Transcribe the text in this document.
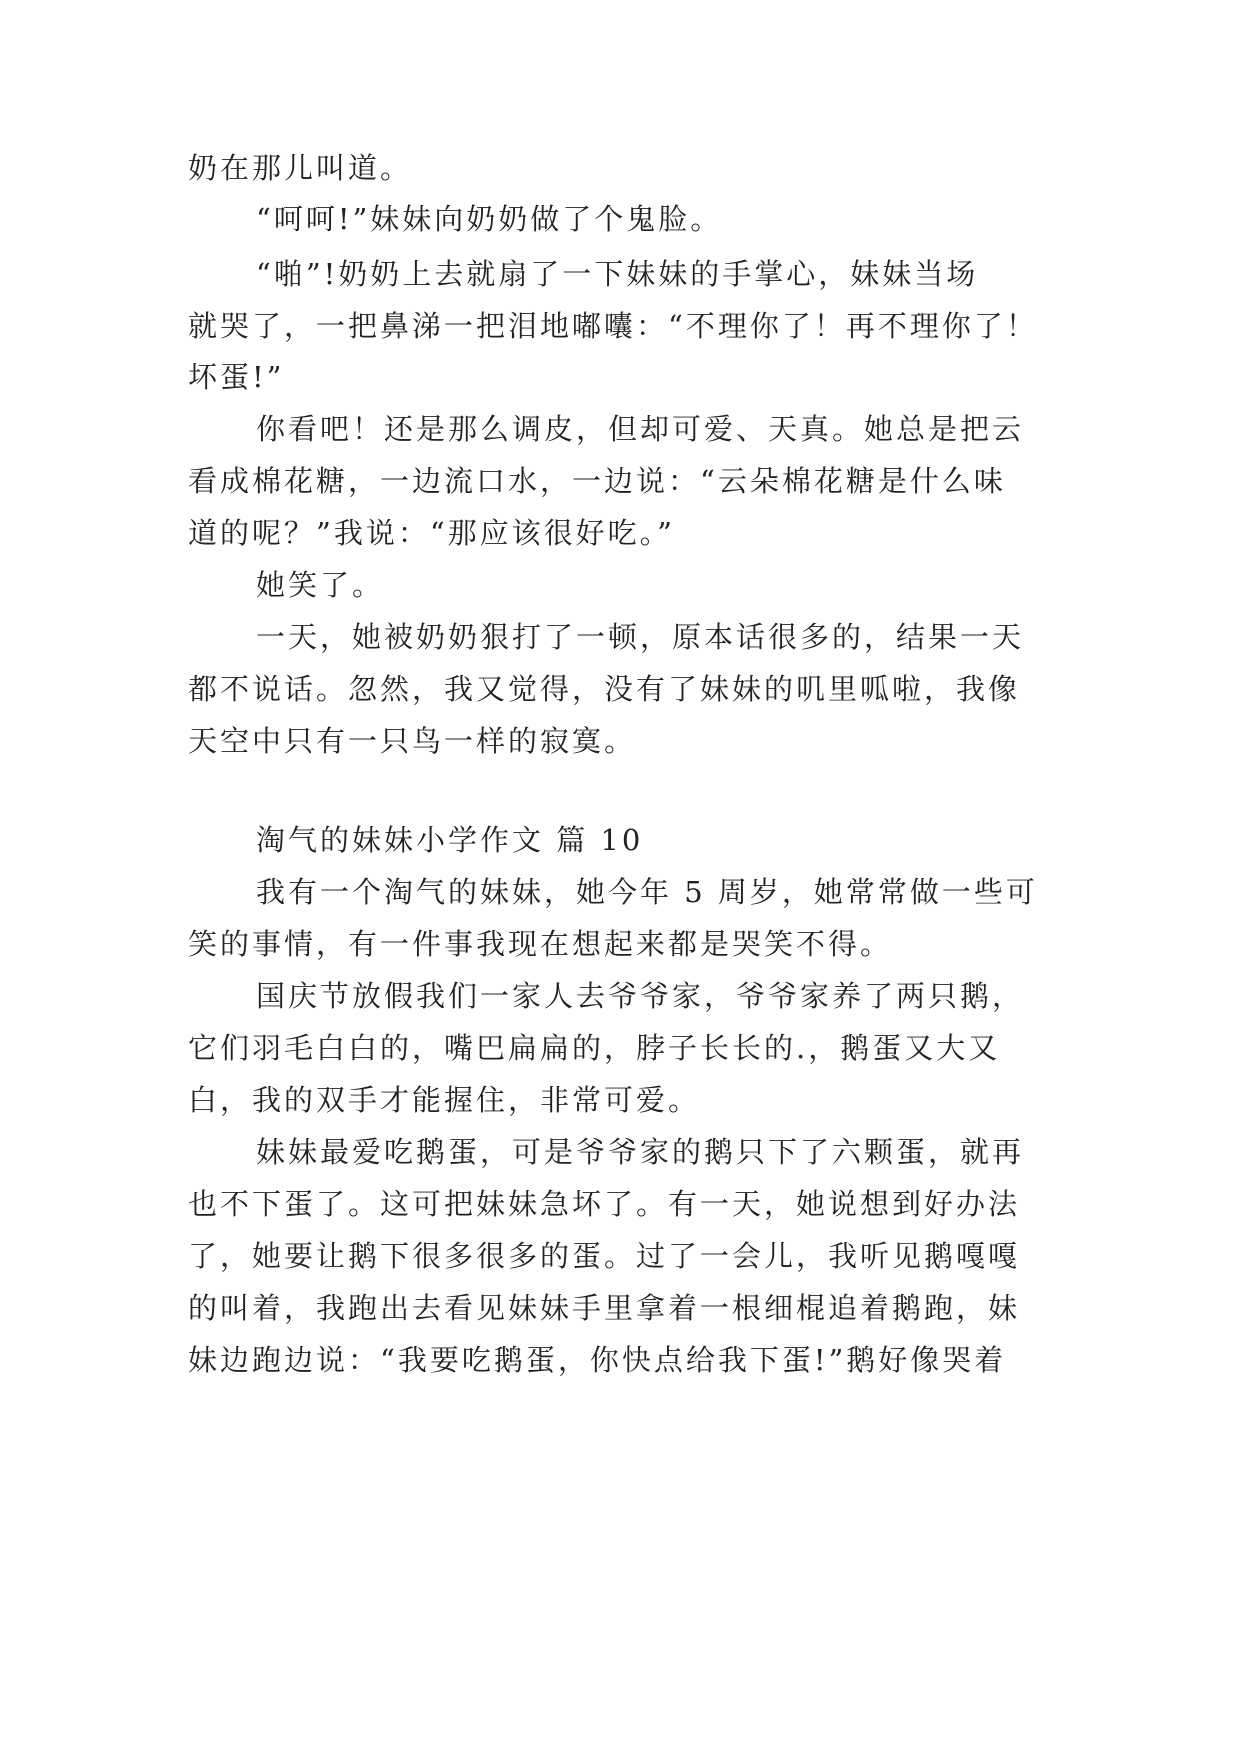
奶在那儿叫道。
“呵呵!”妹妹向奶奶做了个鬼脸。
“啪”!奶奶上去就扇了一下妹妹的手掌心，妹妹当场
就哭了，一把鼻涕一把泪地嘟囔：“不理你了！再不理你了！
坏蛋!”
你看吧！还是那么调皮，但却可爱、天真。她总是把云
看成棉花糖，一边流口水，一边说：“云朵棉花糖是什么味
道的呢？”我说：“那应该很好吃。”
她笑了。
一天，她被奶奶狠打了一顿，原本话很多的，结果一天
都不说话。忽然，我又觉得，没有了妹妹的叽里呱啦，我像
天空中只有一只鸟一样的寂寞。
淘气的妹妹小学作文 篇 10
我有一个淘气的妹妹，她今年 5 周岁，她常常做一些可
笑的事情，有一件事我现在想起来都是哭笑不得。
国庆节放假我们一家人去爷爷家，爷爷家养了两只鹅，
它们羽毛白白的，嘴巴扁扁的，脖子长长的.，鹅蛋又大又
白，我的双手才能握住，非常可爱。
妹妹最爱吃鹅蛋，可是爷爷家的鹅只下了六颗蛋，就再
也不下蛋了。这可把妹妹急坏了。有一天，她说想到好办法
了，她要让鹅下很多很多的蛋。过了一会儿，我听见鹅嘎嘎
的叫着，我跑出去看见妹妹手里拿着一根细棍追着鹅跑，妹
妹边跑边说：“我要吃鹅蛋，你快点给我下蛋!”鹅好像哭着
